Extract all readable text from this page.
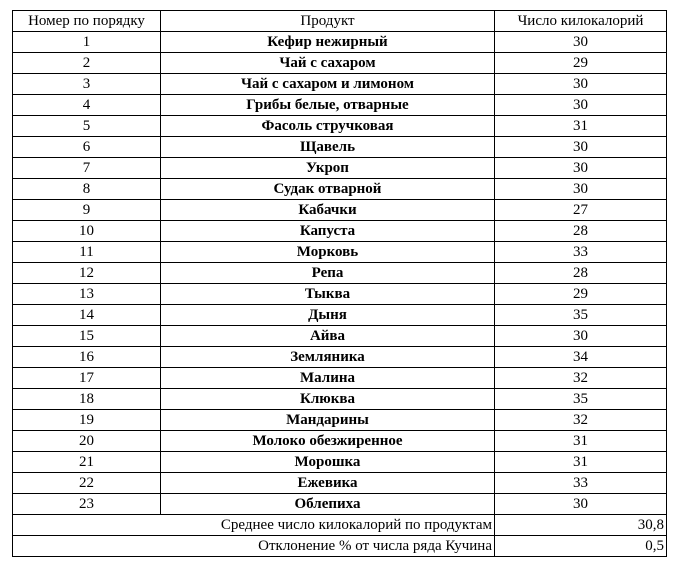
Номер по порядку	Продукт	Число килокалорий
1	Кефир нежирный	30
2	Чай с сахаром	29
3	Чай с сахаром и лимоном	30
4	Грибы белые, отварные	30
5	Фасоль стручковая	31
6	Щавель	30
7	Укроп	30
8	Судак отварной	30
9	Кабачки	27
10	Капуста	28
11	Морковь	33
12	Репа	28
13	Тыква	29
14	Дыня	35
15	Айва	30
16	Земляника	34
17	Малина	32
18	Клюква	35
19	Мандарины	32
20	Молоко обезжиренное	31
21	Морошка	31
22	Ежевика	33
23	Облепиха	30
Среднее число килокалорий по продуктам		30,8
Отклонение % от числа ряда Кучина		0,5
